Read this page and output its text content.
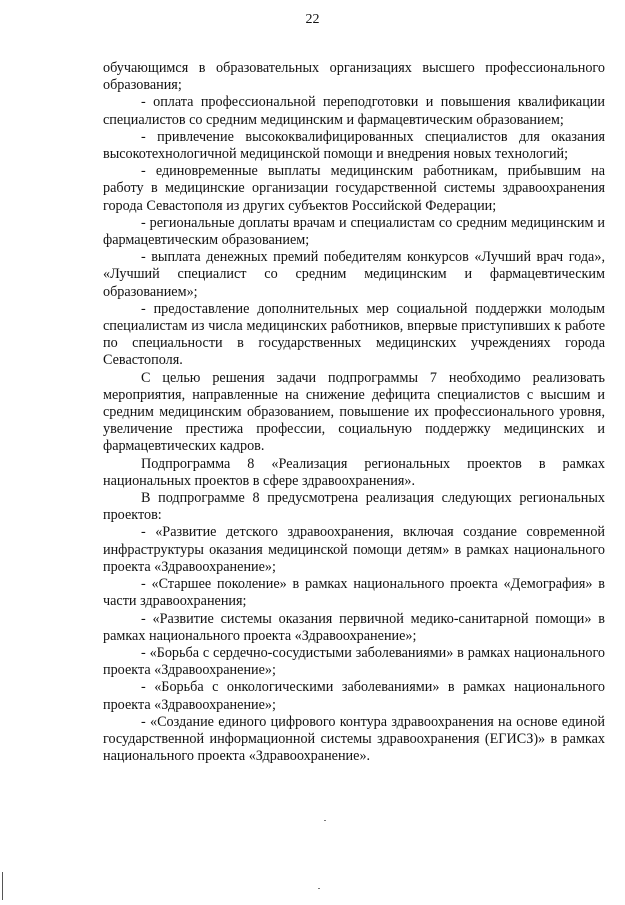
22

обучающимся в образовательных организациях высшего профессионального образования;

- оплата профессиональной переподготовки и повышения квалификации специалистов со средним медицинским и фармацевтическим образованием;

- привлечение высококвалифицированных специалистов для оказания высокотехнологичной медицинской помощи и внедрения новых технологий;

- единовременные выплаты медицинским работникам, прибывшим на работу в медицинские организации государственной системы здравоохранения города Севастополя из других субъектов Российской Федерации;

- региональные доплаты врачам и специалистам со средним медицинским и фармацевтическим образованием;

- выплата денежных премий победителям конкурсов «Лучший врач года», «Лучший специалист со средним медицинским и фармацевтическим образованием»;

- предоставление дополнительных мер социальной поддержки молодым специалистам из числа медицинских работников, впервые приступивших к работе по специальности в государственных медицинских учреждениях города Севастополя.

С целью решения задачи подпрограммы 7 необходимо реализовать мероприятия, направленные на снижение дефицита специалистов с высшим и средним медицинским образованием, повышение их профессионального уровня, увеличение престижа профессии, социальную поддержку медицинских и фармацевтических кадров.

Подпрограмма 8 «Реализация региональных проектов в рамках национальных проектов в сфере здравоохранения».

В подпрограмме 8 предусмотрена реализация следующих региональных проектов:

- «Развитие детского здравоохранения, включая создание современной инфраструктуры оказания медицинской помощи детям» в рамках национального проекта «Здравоохранение»;

- «Старшее поколение» в рамках национального проекта «Демография» в части здравоохранения;

- «Развитие системы оказания первичной медико-санитарной помощи» в рамках национального проекта «Здравоохранение»;

- «Борьба с сердечно-сосудистыми заболеваниями» в рамках национального проекта «Здравоохранение»;

- «Борьба с онкологическими заболеваниями» в рамках национального проекта «Здравоохранение»;

- «Создание единого цифрового контура здравоохранения на основе единой государственной информационной системы здравоохранения (ЕГИСЗ)» в рамках национального проекта «Здравоохранение».
